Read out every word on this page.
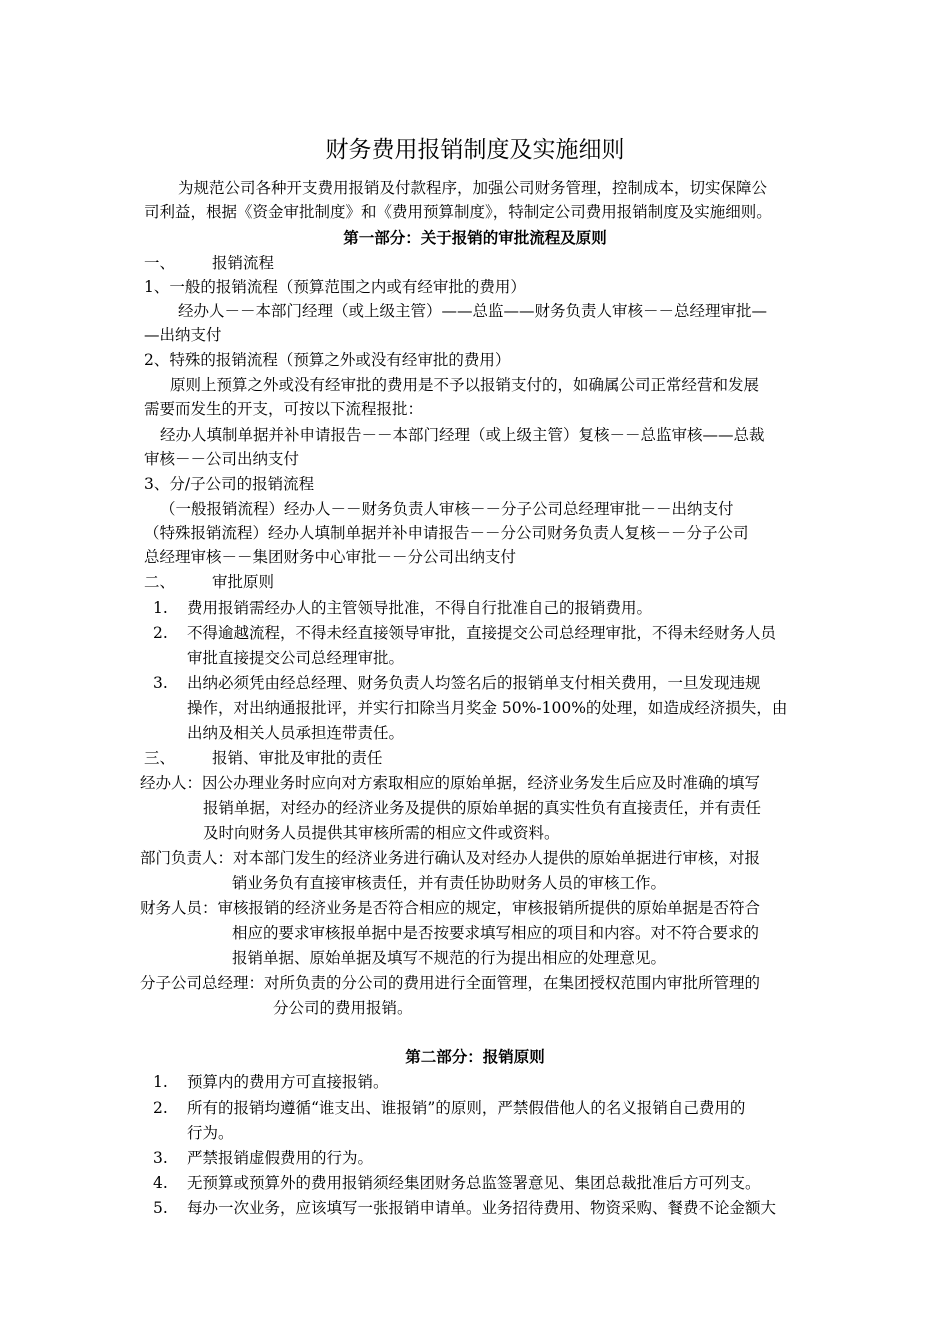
财务费用报销制度及实施细则
为规范公司各种开支费用报销及付款程序，加强公司财务管理，控制成本，切实保障公
司利益，根据《资金审批制度》和《费用预算制度》，特制定公司费用报销制度及实施细则。
第一部分：关于报销的审批流程及原则
一、 报销流程
1、一般的报销流程（预算范围之内或有经审批的费用）
经办人－－本部门经理（或上级主管）——总监——财务负责人审核－－总经理审批—
—出纳支付
2、特殊的报销流程（预算之外或没有经审批的费用）
原则上预算之外或没有经审批的费用是不予以报销支付的，如确属公司正常经营和发展
需要而发生的开支，可按以下流程报批：
经办人填制单据并补申请报告－－本部门经理（或上级主管）复核－－总监审核——总裁
审核－－公司出纳支付
3、分/子公司的报销流程
（一般报销流程）经办人－－财务负责人审核－－分子公司总经理审批－－出纳支付
（特殊报销流程）经办人填制单据并补申请报告－－分公司财务负责人复核－－分子公司
总经理审核－－集团财务中心审批－－分公司出纳支付
二、 审批原则
1. 费用报销需经办人的主管领导批准，不得自行批准自己的报销费用。
2. 不得逾越流程，不得未经直接领导审批，直接提交公司总经理审批，不得未经财务人员
审批直接提交公司总经理审批。
3. 出纳必须凭由经总经理、财务负责人均签名后的报销单支付相关费用，一旦发现违规
操作，对出纳通报批评，并实行扣除当月奖金 50%-100%的处理，如造成经济损失，由
出纳及相关人员承担连带责任。
三、 报销、审批及审批的责任
经办人：因公办理业务时应向对方索取相应的原始单据，经济业务发生后应及时准确的填写
报销单据，对经办的经济业务及提供的原始单据的真实性负有直接责任，并有责任
及时向财务人员提供其审核所需的相应文件或资料。
部门负责人：对本部门发生的经济业务进行确认及对经办人提供的原始单据进行审核，对报
销业务负有直接审核责任，并有责任协助财务人员的审核工作。
财务人员：审核报销的经济业务是否符合相应的规定，审核报销所提供的原始单据是否符合
相应的要求审核报单据中是否按要求填写相应的项目和内容。对不符合要求的
报销单据、原始单据及填写不规范的行为提出相应的处理意见。
分子公司总经理：对所负责的分公司的费用进行全面管理，在集团授权范围内审批所管理的
分公司的费用报销。
第二部分：报销原则
1. 预算内的费用方可直接报销。
2. 所有的报销均遵循“谁支出、谁报销”的原则，严禁假借他人的名义报销自己费用的
行为。
3. 严禁报销虚假费用的行为。
4. 无预算或预算外的费用报销须经集团财务总监签署意见、集团总裁批准后方可列支。
5. 每办一次业务，应该填写一张报销申请单。业务招待费用、物资采购、餐费不论金额大
